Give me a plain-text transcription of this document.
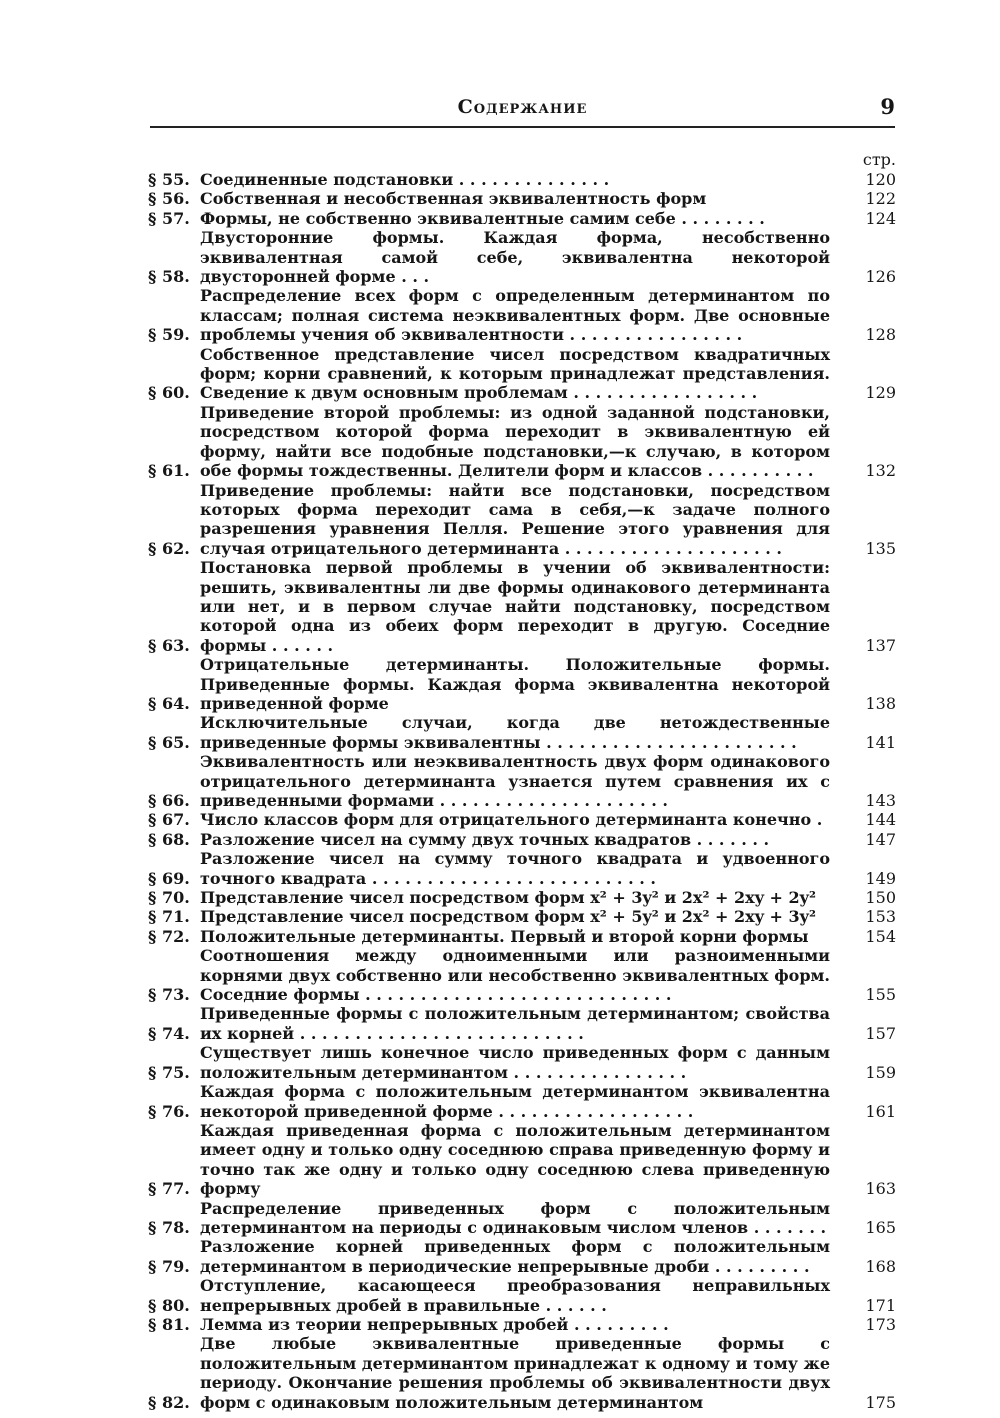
Содержание	9
стр.
§ 55. Соединенные подстановки . . . . . . . . . . . . . .	120
§ 56. Собственная и несобственная эквивалентность форм	122
§ 57. Формы, не собственно эквивалентные самим себе . . . . . . . .	124
§ 58.
Двусторонние формы. Каждая форма, несобственно эквивалентная самой себе, эквивалентна некоторой двусторонней форме . . .	126
§ 59.
Распределение всех форм с определенным детерминантом по классам; полная система неэквивалентных форм. Две основные проблемы учения об эквивалентности . . . . . . . . . . . . . . . .	128
§ 60.
Собственное представление чисел посредством квадратичных форм; корни сравнений, к которым принадлежат представления. Сведение к двум основным проблемам . . . . . . . . . . . . . . . . .	129
§ 61.
Приведение второй проблемы: из одной заданной подстановки, посредством которой форма переходит в эквивалентную ей форму, найти все подобные подстановки,—к случаю, в котором обе формы тождественны. Делители форм и классов . . . . . . . . . .	132
§ 62.
Приведение проблемы: найти все подстановки, посредством которых форма переходит сама в себя,—к задаче полного разрешения уравнения Пелля. Решение этого уравнения для случая отрицательного детерминанта . . . . . . . . . . . . . . . . . . . .	135
§ 63.
Постановка первой проблемы в учении об эквивалентности: решить, эквивалентны ли две формы одинакового детерминанта или нет, и в первом случае найти подстановку, посредством которой одна из обеих форм переходит в другую. Соседние формы . . . . . .	137
§ 64.
Отрицательные детерминанты. Положительные формы. Приведенные формы. Каждая форма эквивалентна некоторой приведенной форме	138
§ 65.
Исключительные случаи, когда две нетождественные приведенные формы эквивалентны . . . . . . . . . . . . . . . . . . . . . . .	141
§ 66.
Эквивалентность или неэквивалентность двух форм одинакового отрицательного детерминанта узнается путем сравнения их с приведенными формами . . . . . . . . . . . . . . . . . . . . .	143
§ 67. Число классов форм для отрицательного детерминанта конечно .	144
§ 68. Разложение чисел на сумму двух точных квадратов . . . . . . .	147
§ 69.
Разложение чисел на сумму точного квадрата и удвоенного точного квадрата . . . . . . . . . . . . . . . . . . . . . . . . . .	149
§ 70. Представление чисел посредством форм x² + 3y² и 2x² + 2xy + 2y²	150
§ 71. Представление чисел посредством форм x² + 5y² и 2x² + 2xy + 3y²	153
§ 72. Положительные детерминанты. Первый и второй корни формы	154
§ 73.
Соотношения между одноименными или разноименными корнями двух собственно или несобственно эквивалентных форм. Соседние формы . . . . . . . . . . . . . . . . . . . . . . . . . . . .	155
§ 74.
Приведенные формы с положительным детерминантом; свойства их корней . . . . . . . . . . . . . . . . . . . . . . . . . .	157
§ 75.
Существует лишь конечное число приведенных форм с данным положительным детерминантом . . . . . . . . . . . . . . . .	159
§ 76.
Каждая форма с положительным детерминантом эквивалентна некоторой приведенной форме . . . . . . . . . . . . . . . . . .	161
§ 77.
Каждая приведенная форма с положительным детерминантом имеет одну и только одну соседнюю справа приведенную форму и точно так же одну и только одну соседнюю слева приведенную форму	163
§ 78.
Распределение приведенных форм с положительным детерминантом на периоды с одинаковым числом членов . . . . . . .	165
§ 79.
Разложение корней приведенных форм с положительным детерминантом в периодические непрерывные дроби . . . . . . . . .	168
§ 80.
Отступление, касающееся преобразования неправильных непрерывных дробей в правильные . . . . . .	171
§ 81. Лемма из теории непрерывных дробей . . . . . . . . .	173
§ 82.
Две любые эквивалентные приведенные формы с положительным детерминантом принадлежат к одному и тому же периоду. Окончание решения проблемы об эквивалентности двух форм с одинаковым положительным детерминантом	175
